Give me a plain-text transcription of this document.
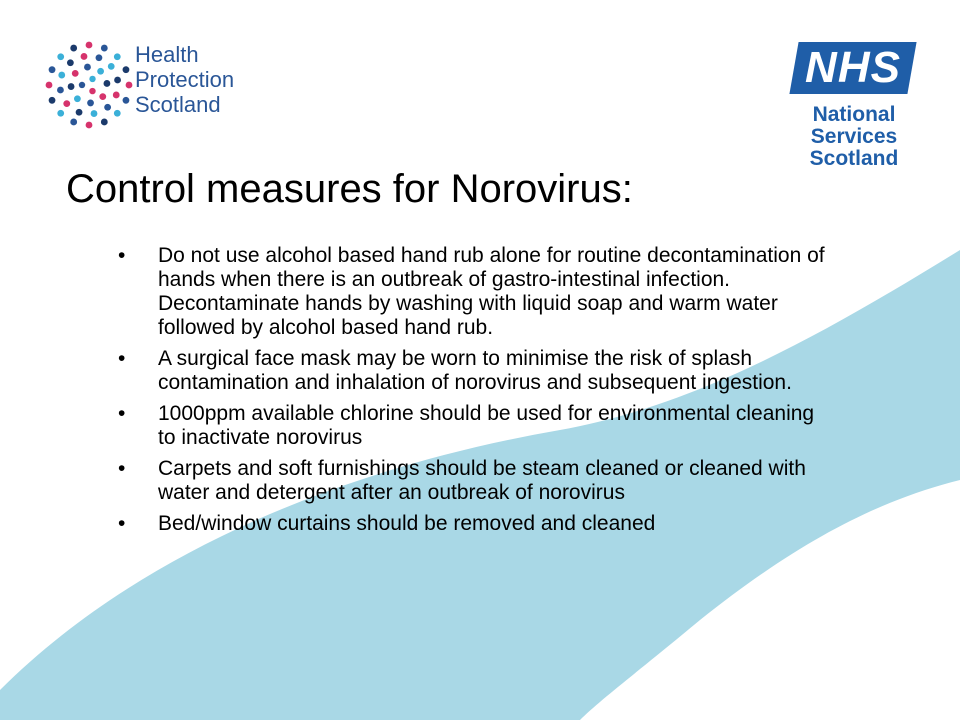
Health
Protection
Scotland
NHS
National
Services
Scotland
Control measures for Norovirus:
• Do not use alcohol based hand rub alone for routine decontamination of hands when there is an outbreak of gastro-intestinal infection. Decontaminate hands by washing with liquid soap and warm water followed by alcohol based hand rub.
• A surgical face mask may be worn to minimise the risk of splash contamination and inhalation of norovirus and subsequent ingestion.
• 1000ppm available chlorine should be used for environmental cleaning to inactivate norovirus
• Carpets and soft furnishings should be steam cleaned or cleaned with water and detergent after an outbreak of norovirus
• Bed/window curtains should be removed and cleaned
